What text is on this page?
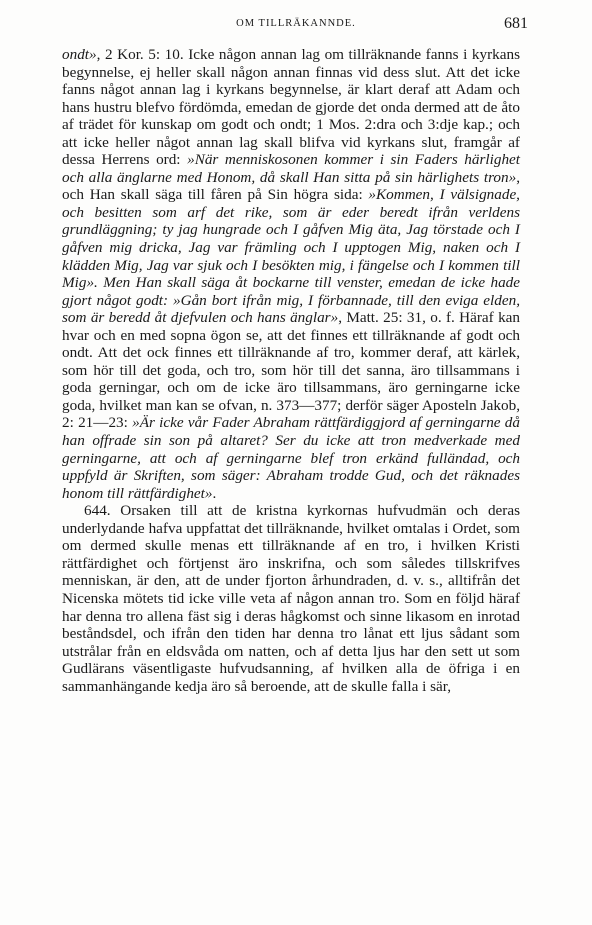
OM TILLRÄKANNDE.	681

ondt», 2 Kor. 5: 10. Icke någon annan lag om tillräknande fanns i kyrkans begynnelse, ej heller skall någon annan finnas vid dess slut. Att det icke fanns något annan lag i kyrkans begynnelse, är klart deraf att Adam och hans hustru blefvo fördömda, emedan de gjorde det onda dermed att de åto af trädet för kunskap om godt och ondt; 1 Mos. 2:dra och 3:dje kap.; och att icke heller något annan lag skall blifva vid kyrkans slut, framgår af dessa Herrens ord: »När menniskosonen kommer i sin Faders härlighet och alla änglarne med Honom, då skall Han sitta på sin härlighets tron», och Han skall säga till fåren på Sin högra sida: »Kommen, I välsignade, och besitten som arf det rike, som är eder beredt ifrån verldens grundläggning; ty jag hungrade och I gåfven Mig äta, Jag törstade och I gåfven mig dricka, Jag var främling och I upptogen Mig, naken och I klädden Mig, Jag var sjuk och I besökten mig, i fängelse och I kommen till Mig». Men Han skall säga åt bockarne till venster, emedan de icke hade gjort något godt: »Gån bort ifrån mig, I förbannade, till den eviga elden, som är beredd åt djefvulen och hans änglar», Matt. 25: 31, o. f. Häraf kan hvar och en med sopna ögon se, att det finnes ett tillräknande af godt och ondt. Att det ock finnes ett tillräknande af tro, kommer deraf, att kärlek, som hör till det goda, och tro, som hör till det sanna, äro tillsammans i goda gerningar, och om de icke äro tillsammans, äro gerningarne icke goda, hvilket man kan se ofvan, n. 373—377; derför säger Aposteln Jakob, 2: 21—23: »Är icke vår Fader Abraham rättfärdiggjord af gerningarne då han offrade sin son på altaret? Ser du icke att tron medverkade med gerningarne, att och af gerningarne blef tron erkänd fulländad, och uppfyld är Skriften, som säger: Abraham trodde Gud, och det räknades honom till rättfärdighet».

644. Orsaken till att de kristna kyrkornas hufvudmän och deras underlydande hafva uppfattat det tillräknande, hvilket omtalas i Ordet, som om dermed skulle menas ett tillräknande af en tro, i hvilken Kristi rättfärdighet och förtjenst äro inskrifna, och som således tillskrifves menniskan, är den, att de under fjorton århundraden, d. v. s., alltifrån det Nicenska mötets tid icke ville veta af någon annan tro. Som en följd häraf har denna tro allena fäst sig i deras hågkomst och sinne likasom en inrotad beståndsdel, och ifrån den tiden har denna tro lånat ett ljus sådant som utstrålar från en eldsvåda om natten, och af detta ljus har den sett ut som Gudlärans väsentligaste hufvudsanning, af hvilken alla de öfriga i en sammanhängande kedja äro så beroende, att de skulle falla i sär,
